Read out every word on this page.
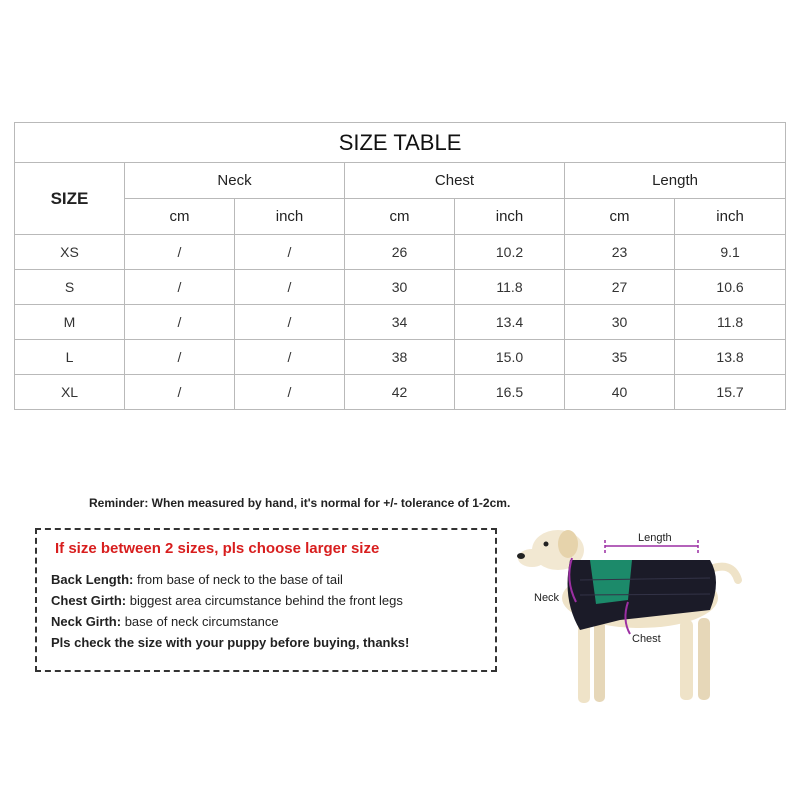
SIZE TABLE						
SIZE	Neck		Chest		Length	
	cm	inch	cm	inch	cm	inch
XS	/	/	26	10.2	23	9.1
S	/	/	30	11.8	27	10.6
M	/	/	34	13.4	30	11.8
L	/	/	38	15.0	35	13.8
XL	/	/	42	16.5	40	15.7
Reminder: When measured by hand, it's normal for +/- tolerance of 1-2cm.
If size between 2 sizes, pls choose larger size
Back Length: from base of neck to the base of tail
Chest Girth: biggest area circumstance behind the front legs
Neck Girth: base of neck circumstance
Pls check the size with your puppy before buying, thanks!
Length
Neck
Chest
